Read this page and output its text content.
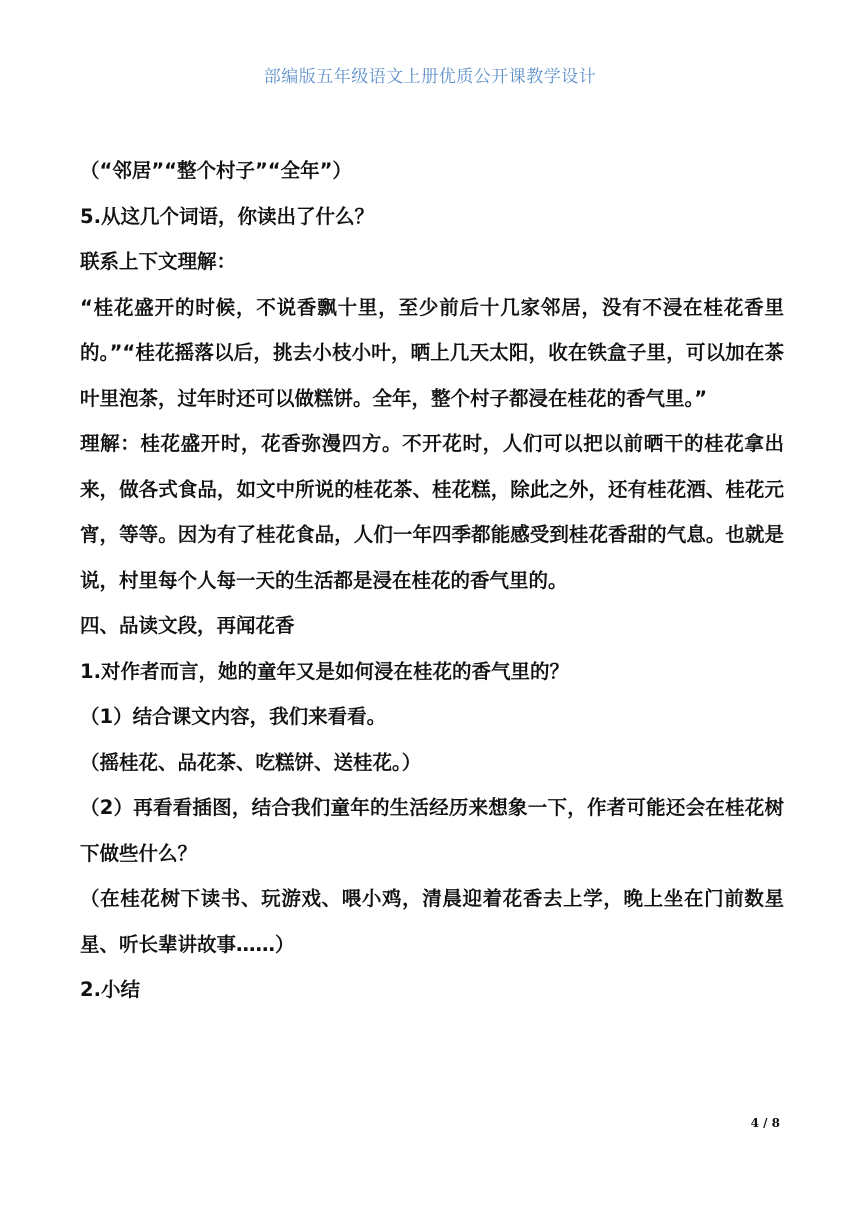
部编版五年级语文上册优质公开课教学设计

（“邻居”“整个村子”“全年”）

5.从这几个词语，你读出了什么？

联系上下文理解：

“桂花盛开的时候，不说香飘十里，至少前后十几家邻居，没有不浸在桂花香里的。”“桂花摇落以后，挑去小枝小叶，晒上几天太阳，收在铁盒子里，可以加在茶叶里泡茶，过年时还可以做糕饼。全年，整个村子都浸在桂花的香气里。”

理解：桂花盛开时，花香弥漫四方。不开花时，人们可以把以前晒干的桂花拿出来，做各式食品，如文中所说的桂花茶、桂花糕，除此之外，还有桂花酒、桂花元宵，等等。因为有了桂花食品，人们一年四季都能感受到桂花香甜的气息。也就是说，村里每个人每一天的生活都是浸在桂花的香气里的。

四、品读文段，再闻花香

1.对作者而言，她的童年又是如何浸在桂花的香气里的？

（1）结合课文内容，我们来看看。

（摇桂花、品花茶、吃糕饼、送桂花。）

（2）再看看插图，结合我们童年的生活经历来想象一下，作者可能还会在桂花树下做些什么？

（在桂花树下读书、玩游戏、喂小鸡，清晨迎着花香去上学，晚上坐在门前数星星、听长辈讲故事……）

2.小结

4 / 8
